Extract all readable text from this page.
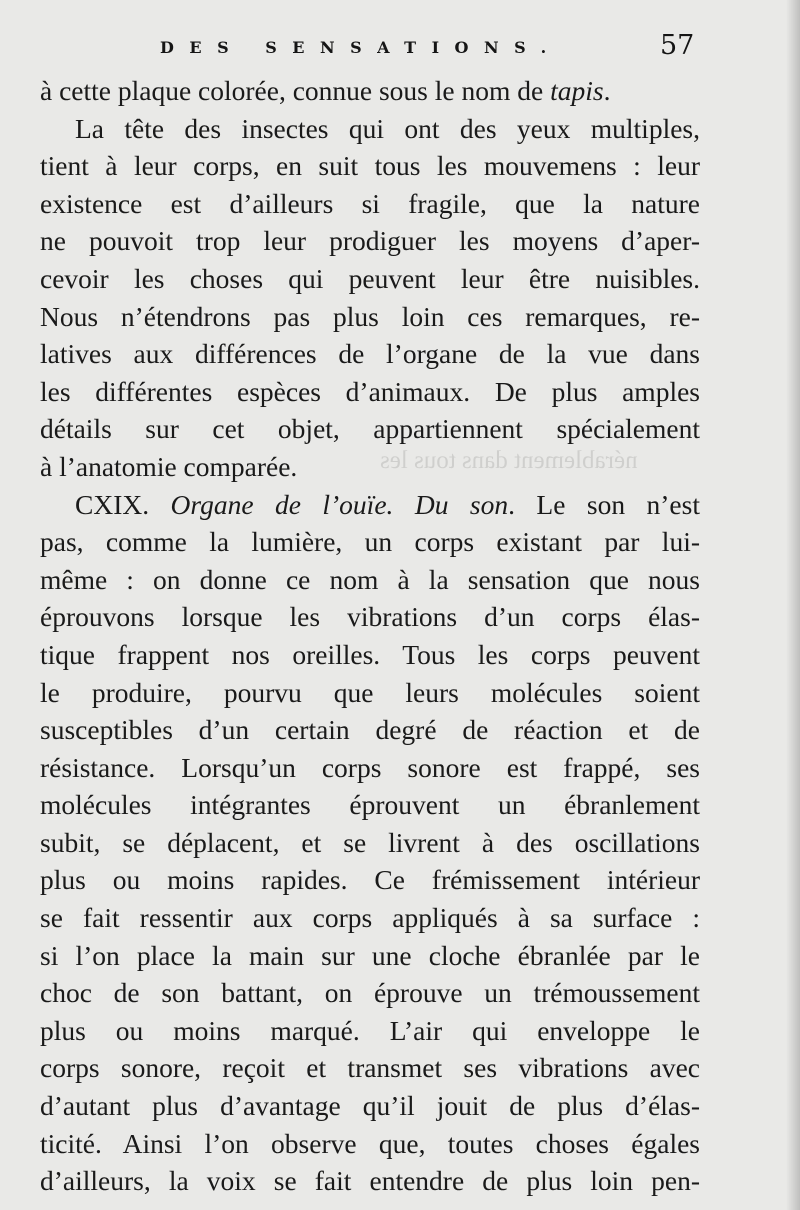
nérablement dans tous les
DES SENSATIONS.	57
à cette plaque colorée, connue sous le nom de tapis.
La tête des insectes qui ont des yeux multiples,
tient à leur corps, en suit tous les mouvemens : leur
existence est d’ailleurs si fragile, que la nature
ne pouvoit trop leur prodiguer les moyens d’aper-
cevoir les choses qui peuvent leur être nuisibles.
Nous n’étendrons pas plus loin ces remarques, re-
latives aux différences de l’organe de la vue dans
les différentes espèces d’animaux. De plus amples
détails sur cet objet, appartiennent spécialement
à l’anatomie comparée.
CXIX. Organe de l’ouïe. Du son. Le son n’est
pas, comme la lumière, un corps existant par lui-
même : on donne ce nom à la sensation que nous
éprouvons lorsque les vibrations d’un corps élas-
tique frappent nos oreilles. Tous les corps peuvent
le produire, pourvu que leurs molécules soient
susceptibles d’un certain degré de réaction et de
résistance. Lorsqu’un corps sonore est frappé, ses
molécules intégrantes éprouvent un ébranlement
subit, se déplacent, et se livrent à des oscillations
plus ou moins rapides. Ce frémissement intérieur
se fait ressentir aux corps appliqués à sa surface :
si l’on place la main sur une cloche ébranlée par le
choc de son battant, on éprouve un trémoussement
plus ou moins marqué. L’air qui enveloppe le
corps sonore, reçoit et transmet ses vibrations avec
d’autant plus d’avantage qu’il jouit de plus d’élas-
ticité. Ainsi l’on observe que, toutes choses égales
d’ailleurs, la voix se fait entendre de plus loin pen-
